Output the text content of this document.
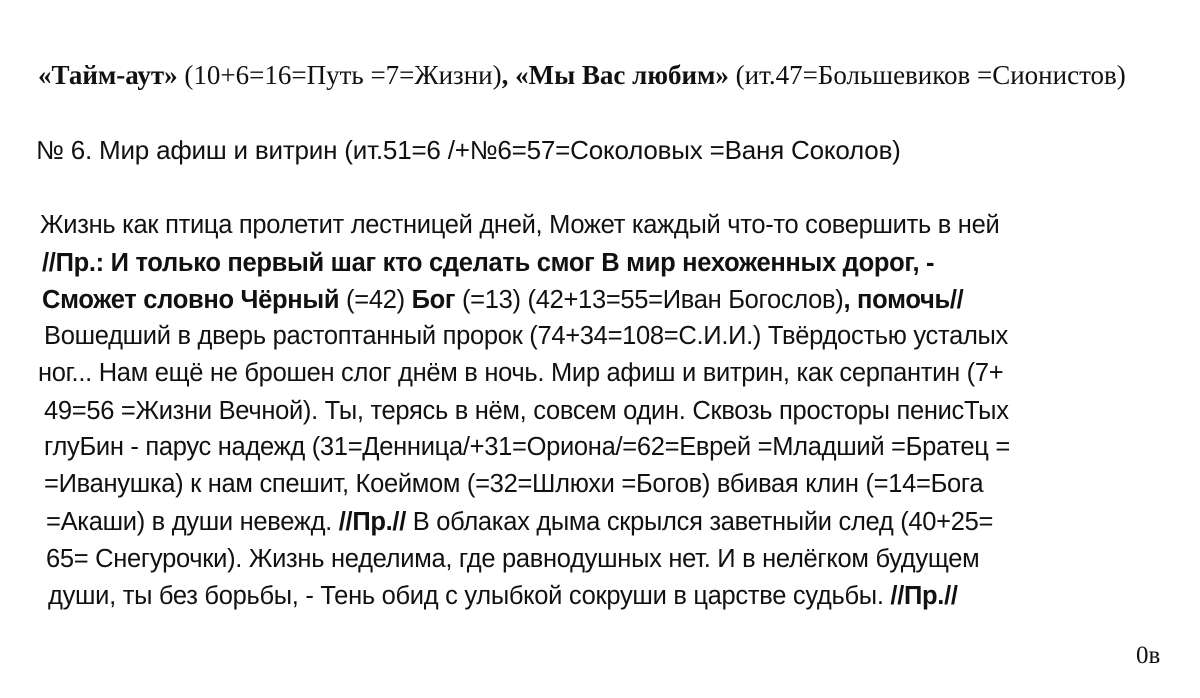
«Тайм-аут» (10+6=16=Путь =7=Жизни), «Мы Вас любим» (ит.47=Большевиков =Сионистов)
№ 6. Мир афиш и витрин (ит.51=6 /+№6=57=Соколовых =Ваня Соколов)
Жизнь как птица пролетит лестницей дней, Может каждый что-то совершить в ней
//Пр.: И только первый шаг кто сделать смог В мир нехоженных дорог, -
Сможет словно Чёрный (=42) Бог (=13) (42+13=55=Иван Богослов), помочь//
Вошедший в дверь растоптанный пророк (74+34=108=С.И.И.) Твёрдостью усталых
ног... Нам ещё не брошен слог днём в ночь. Мир афиш и витрин, как серпантин (7+
49=56 =Жизни Вечной). Ты, терясь в нём, совсем один. Сквозь просторы пенисТых
глуБин - парус надежд (31=Денница/+31=Ориона/=62=Еврей =Младший =Братец =
=Иванушка) к нам спешит, Коеймом (=32=Шлюхи =Богов) вбивая клин (=14=Бога
=Акаши) в души невежд. //Пр.// В облаках дыма скрылся заветныйи след (40+25=
65= Снегурочки). Жизнь неделима, где равнодушных нет. И в нелёгком будущем
души, ты без борьбы, - Тень обид с улыбкой сокруши в царстве судьбы. //Пр.//
0в
